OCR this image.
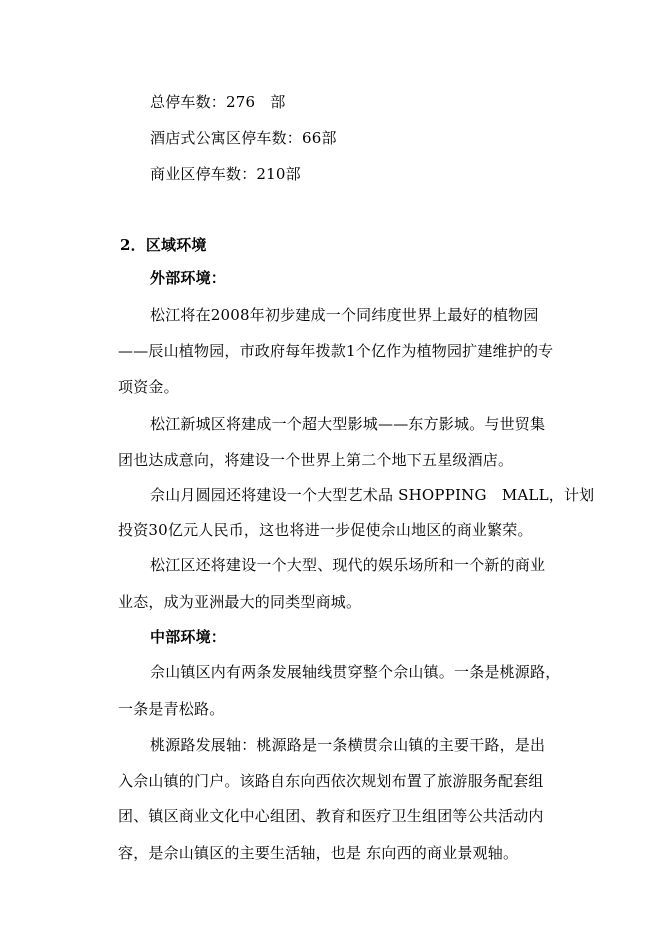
总停车数：276　部
酒店式公寓区停车数：66部
商业区停车数：210部
2．区域环境
外部环境：
松江将在2008年初步建成一个同纬度世界上最好的植物园
——辰山植物园，市政府每年拨款1个亿作为植物园扩建维护的专
项资金。
松江新城区将建成一个超大型影城——东方影城。与世贸集
团也达成意向，将建设一个世界上第二个地下五星级酒店。
佘山月圆园还将建设一个大型艺术品 SHOPPING　MALL，计划
投资30亿元人民币，这也将进一步促使佘山地区的商业繁荣。
松江区还将建设一个大型、现代的娱乐场所和一个新的商业
业态，成为亚洲最大的同类型商城。
中部环境：
佘山镇区内有两条发展轴线贯穿整个佘山镇。一条是桃源路，
一条是青松路。
桃源路发展轴：桃源路是一条横贯佘山镇的主要干路，是出
入佘山镇的门户。该路自东向西依次规划布置了旅游服务配套组
团、镇区商业文化中心组团、教育和医疗卫生组团等公共活动内
容，是佘山镇区的主要生活轴，也是 东向西的商业景观轴。
